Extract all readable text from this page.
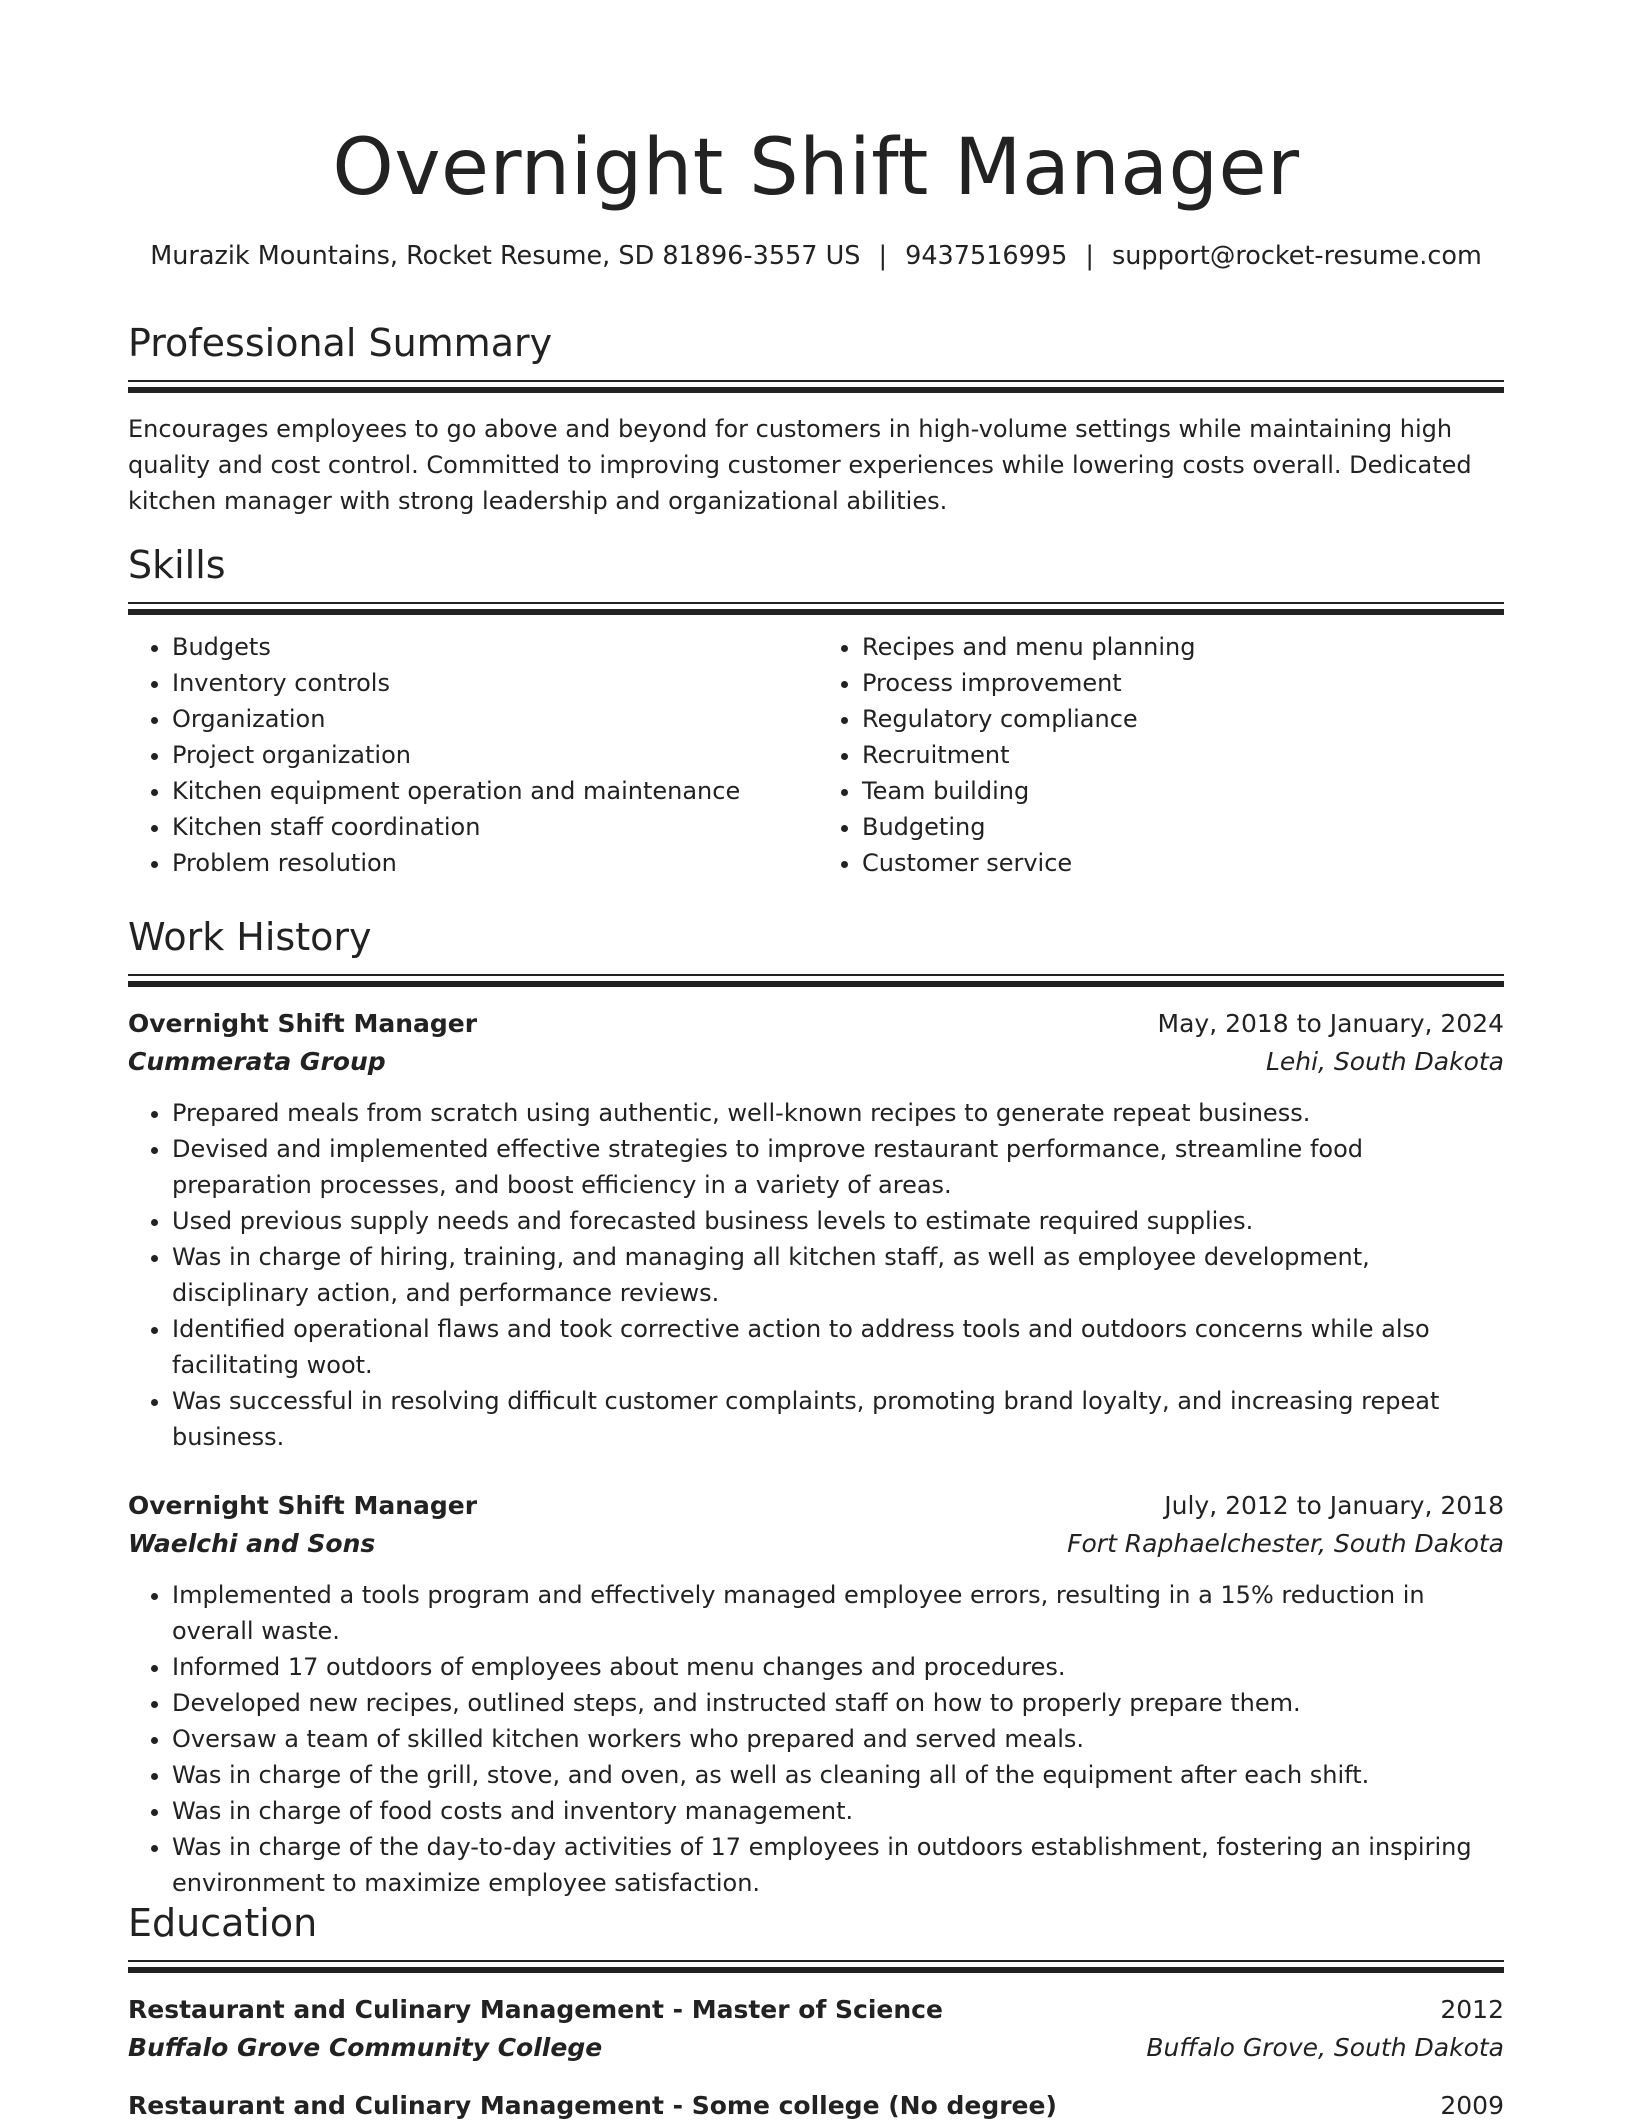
Overnight Shift Manager
Murazik Mountains, Rocket Resume, SD 81896-3557 US | 9437516995 | support@rocket-resume.com
Professional Summary
Encourages employees to go above and beyond for customers in high-volume settings while maintaining high quality and cost control. Committed to improving customer experiences while lowering costs overall. Dedicated kitchen manager with strong leadership and organizational abilities.
Skills
• Budgets
• Inventory controls
• Organization
• Project organization
• Kitchen equipment operation and maintenance
• Kitchen staff coordination
• Problem resolution
• Recipes and menu planning
• Process improvement
• Regulatory compliance
• Recruitment
• Team building
• Budgeting
• Customer service
Work History
Overnight Shift Manager	May, 2018 to January, 2024
Cummerata Group	Lehi, South Dakota
• Prepared meals from scratch using authentic, well-known recipes to generate repeat business.
• Devised and implemented effective strategies to improve restaurant performance, streamline food preparation processes, and boost efficiency in a variety of areas.
• Used previous supply needs and forecasted business levels to estimate required supplies.
• Was in charge of hiring, training, and managing all kitchen staff, as well as employee development, disciplinary action, and performance reviews.
• Identified operational flaws and took corrective action to address tools and outdoors concerns while also facilitating woot.
• Was successful in resolving difficult customer complaints, promoting brand loyalty, and increasing repeat business.
Overnight Shift Manager	July, 2012 to January, 2018
Waelchi and Sons	Fort Raphaelchester, South Dakota
• Implemented a tools program and effectively managed employee errors, resulting in a 15% reduction in overall waste.
• Informed 17 outdoors of employees about menu changes and procedures.
• Developed new recipes, outlined steps, and instructed staff on how to properly prepare them.
• Oversaw a team of skilled kitchen workers who prepared and served meals.
• Was in charge of the grill, stove, and oven, as well as cleaning all of the equipment after each shift.
• Was in charge of food costs and inventory management.
• Was in charge of the day-to-day activities of 17 employees in outdoors establishment, fostering an inspiring environment to maximize employee satisfaction.
Education
Restaurant and Culinary Management - Master of Science	2012
Buffalo Grove Community College	Buffalo Grove, South Dakota
Restaurant and Culinary Management - Some college (No degree)	2009
